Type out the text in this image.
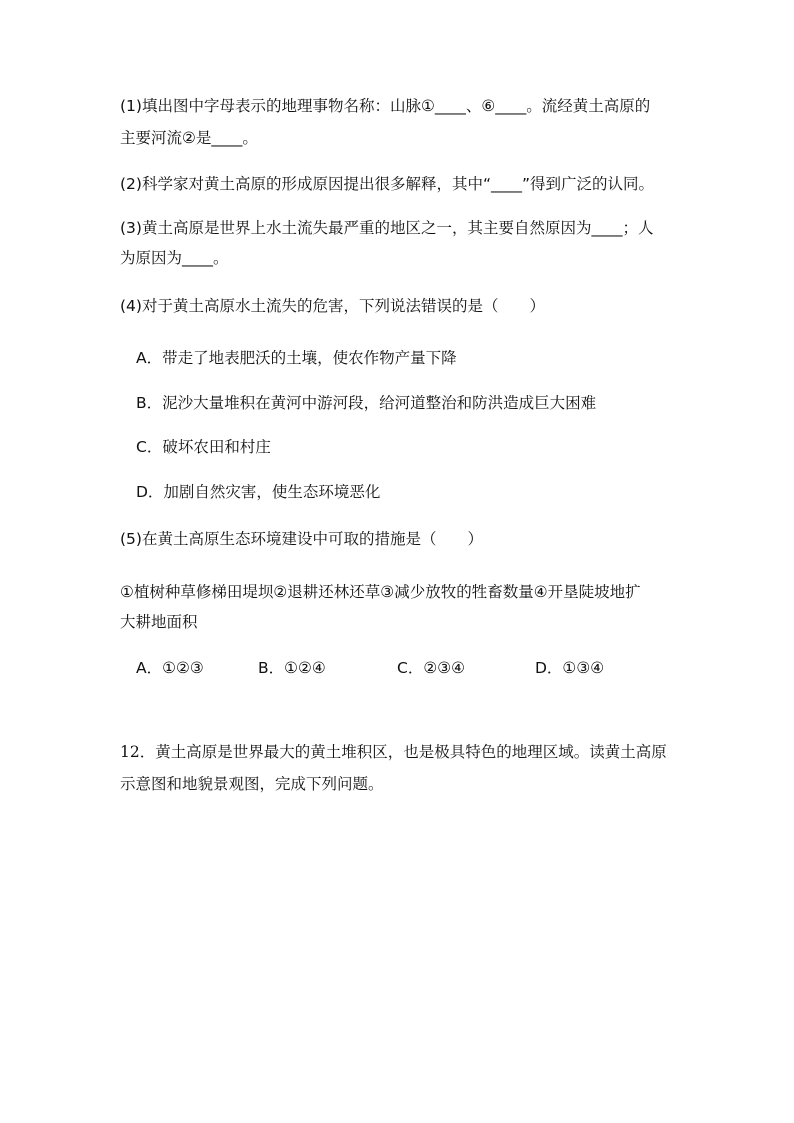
(1)填出图中字母表示的地理事物名称：山脉①____、⑥____。流经黄土高原的
主要河流②是____。
(2)科学家对黄土高原的形成原因提出很多解释，其中“____”得到广泛的认同。
(3)黄土高原是世界上水土流失最严重的地区之一，其主要自然原因为____；人
为原因为____。
(4)对于黄土高原水土流失的危害，下列说法错误的是（　　）
A．带走了地表肥沃的土壤，使农作物产量下降
B．泥沙大量堆积在黄河中游河段，给河道整治和防洪造成巨大困难
C．破坏农田和村庄
D．加剧自然灾害，使生态环境恶化
(5)在黄土高原生态环境建设中可取的措施是（　　）
①植树种草修梯田堤坝②退耕还林还草③减少放牧的牲畜数量④开垦陡坡地扩
大耕地面积
A．①②③	B．①②④	C．②③④	D．①③④
12．黄土高原是世界最大的黄土堆积区，也是极具特色的地理区域。读黄土高原
示意图和地貌景观图，完成下列问题。
